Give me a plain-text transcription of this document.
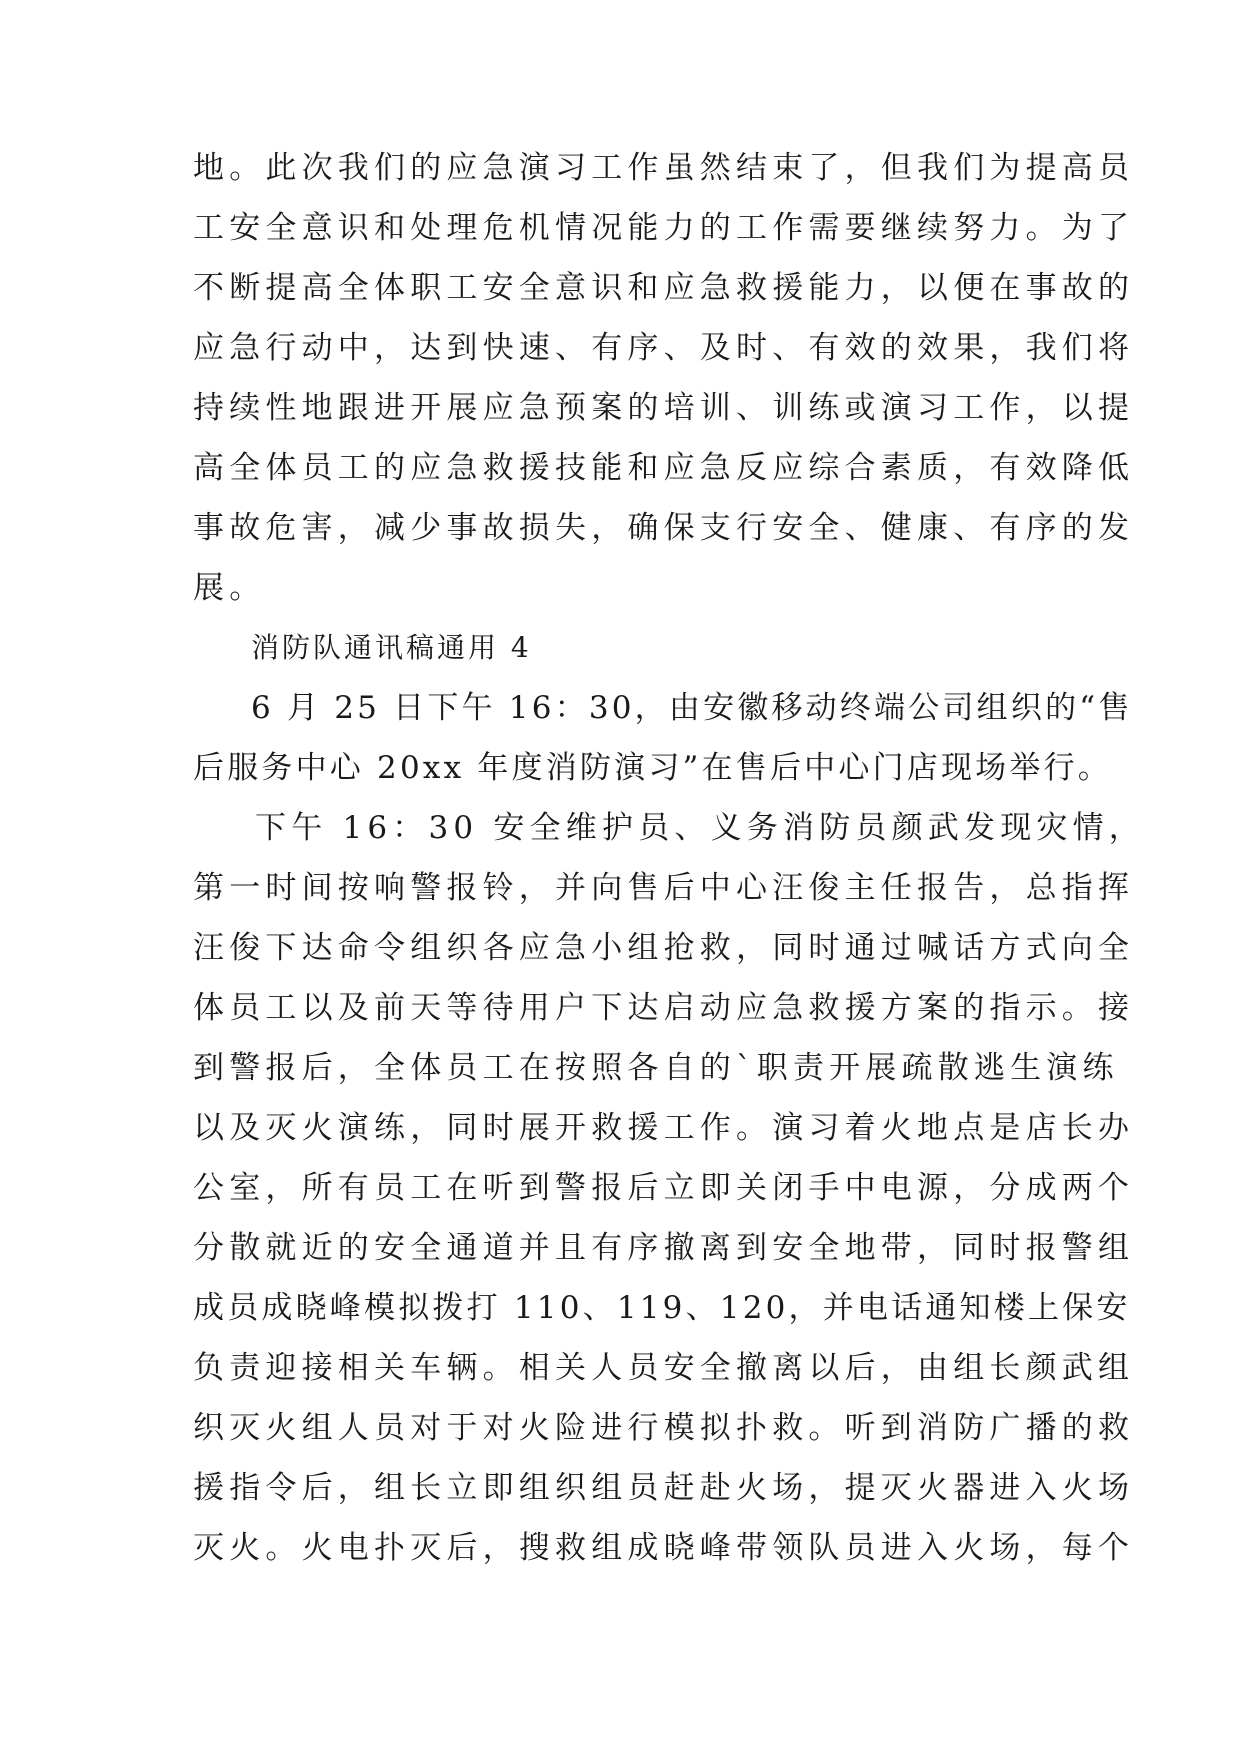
地。此次我们的应急演习工作虽然结束了，但我们为提高员
工安全意识和处理危机情况能力的工作需要继续努力。为了
不断提高全体职工安全意识和应急救援能力，以便在事故的
应急行动中，达到快速、有序、及时、有效的效果，我们将
持续性地跟进开展应急预案的培训、训练或演习工作，以提
高全体员工的应急救援技能和应急反应综合素质，有效降低
事故危害，减少事故损失，确保支行安全、健康、有序的发
展。
消防队通讯稿通用 4
6 月 25 日下午 16：30，由安徽移动终端公司组织的“售
后服务中心 20xx 年度消防演习”在售后中心门店现场举行。
下午 16：30 安全维护员、义务消防员颜武发现灾情，
第一时间按响警报铃，并向售后中心汪俊主任报告，总指挥
汪俊下达命令组织各应急小组抢救，同时通过喊话方式向全
体员工以及前天等待用户下达启动应急救援方案的指示。接
到警报后，全体员工在按照各自的`职责开展疏散逃生演练
以及灭火演练，同时展开救援工作。演习着火地点是店长办
公室，所有员工在听到警报后立即关闭手中电源，分成两个
分散就近的安全通道并且有序撤离到安全地带，同时报警组
成员成晓峰模拟拨打 110、119、120，并电话通知楼上保安
负责迎接相关车辆。相关人员安全撤离以后，由组长颜武组
织灭火组人员对于对火险进行模拟扑救。听到消防广播的救
援指令后，组长立即组织组员赶赴火场，提灭火器进入火场
灭火。火电扑灭后，搜救组成晓峰带领队员进入火场，每个
